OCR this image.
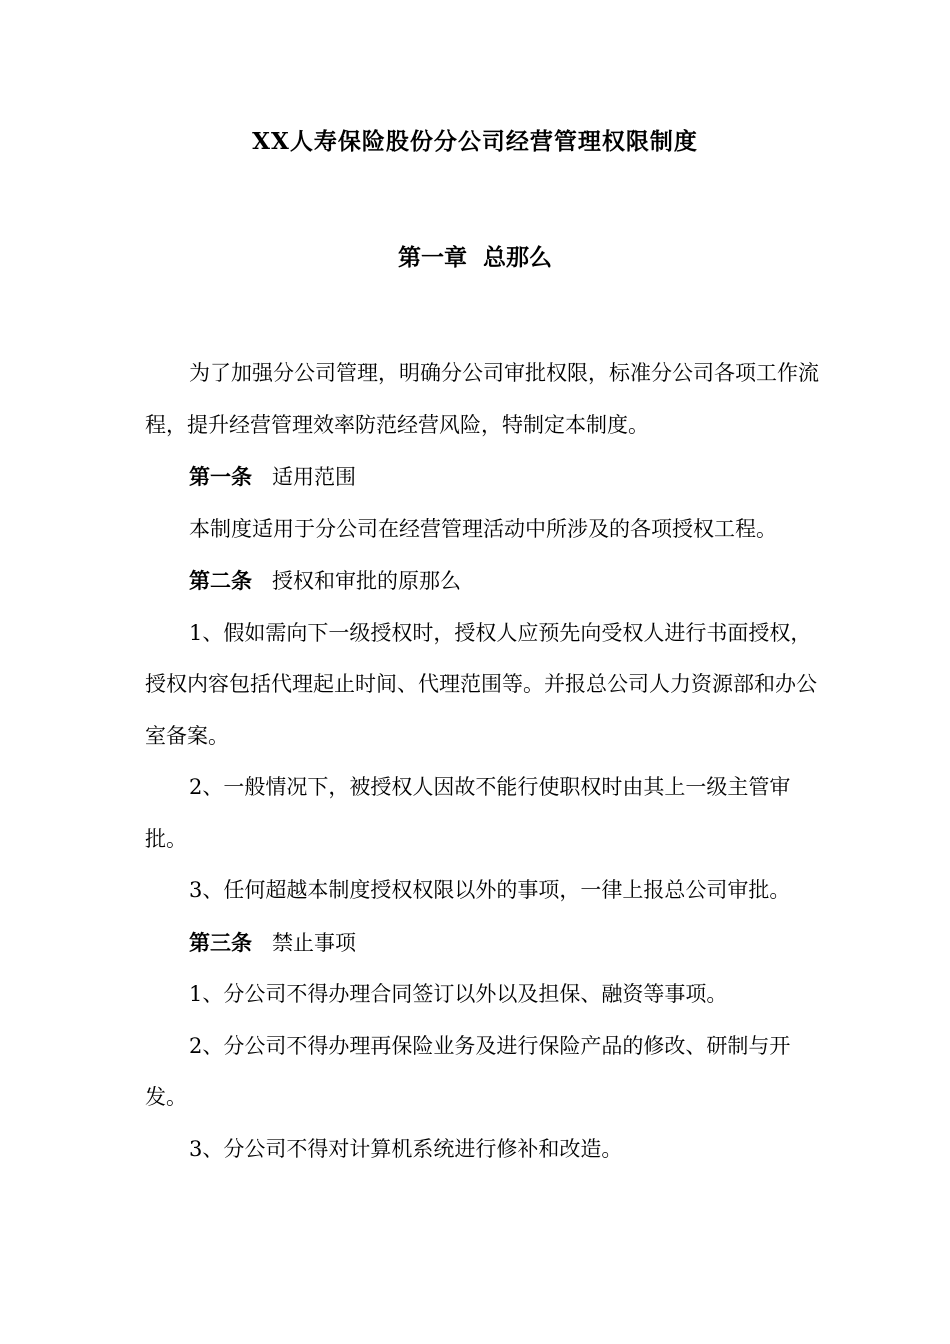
XX人寿保险股份分公司经营管理权限制度
第一章  总那么

为了加强分公司管理，明确分公司审批权限，标准分公司各项工作流程，提升经营管理效率防范经营风险，特制定本制度。

第一条 适用范围

本制度适用于分公司在经营管理活动中所涉及的各项授权工程。

第二条 授权和审批的原那么

1、假如需向下一级授权时，授权人应预先向受权人进行书面授权，授权内容包括代理起止时间、代理范围等。并报总公司人力资源部和办公室备案。

2、一般情况下，被授权人因故不能行使职权时由其上一级主管审批。

3、任何超越本制度授权权限以外的事项，一律上报总公司审批。

第三条 禁止事项

1、分公司不得办理合同签订以外以及担保、融资等事项。

2、分公司不得办理再保险业务及进行保险产品的修改、研制与开发。

3、分公司不得对计算机系统进行修补和改造。
